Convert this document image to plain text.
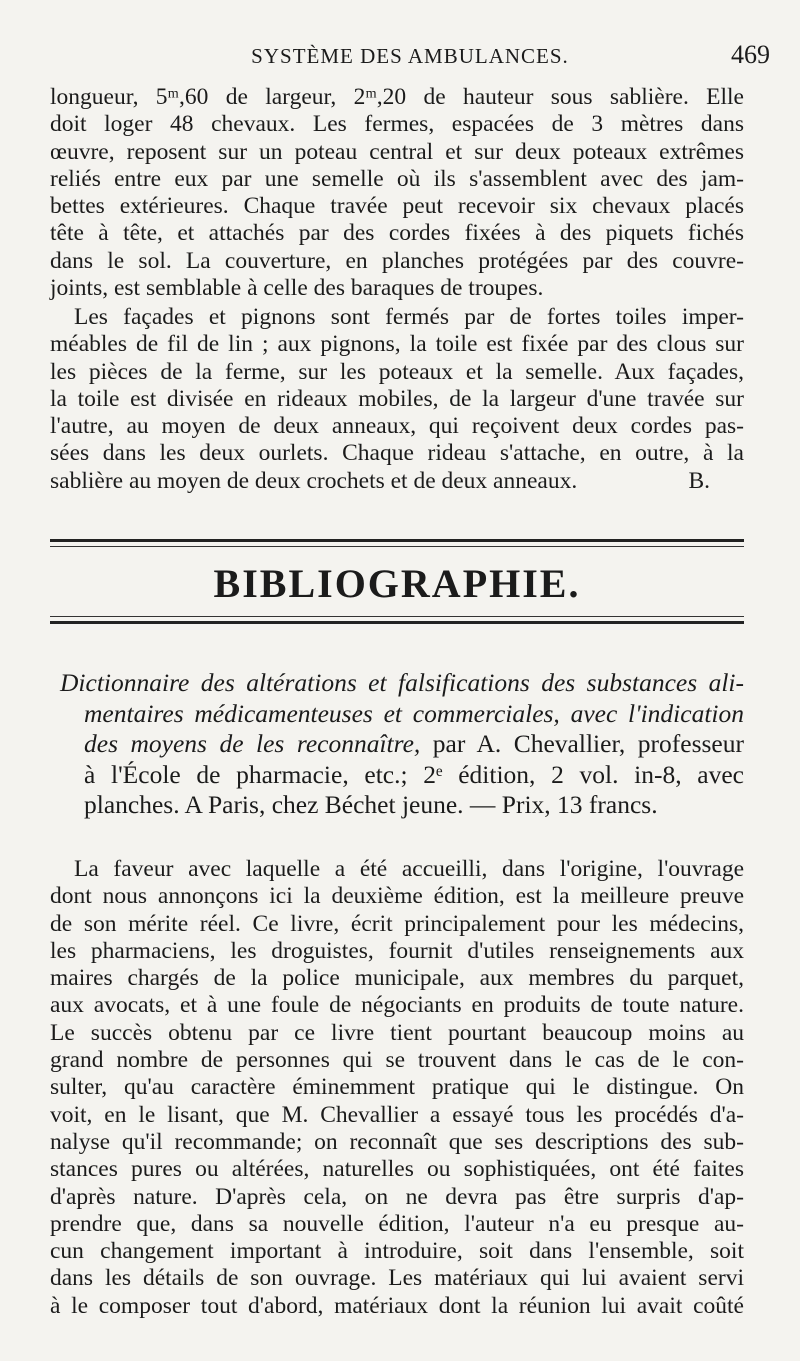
SYSTÈME DES AMBULANCES.	469
longueur, 5ᵐ,60 de largeur, 2ᵐ,20 de hauteur sous sablière. Elle
doit loger 48 chevaux. Les fermes, espacées de 3 mètres dans
œuvre, reposent sur un poteau central et sur deux poteaux extrêmes
reliés entre eux par une semelle où ils s'assemblent avec des jam-
bettes extérieures. Chaque travée peut recevoir six chevaux placés
tête à tête, et attachés par des cordes fixées à des piquets fichés
dans le sol. La couverture, en planches protégées par des couvre-
joints, est semblable à celle des baraques de troupes.
Les façades et pignons sont fermés par de fortes toiles imper-
méables de fil de lin ; aux pignons, la toile est fixée par des clous sur
les pièces de la ferme, sur les poteaux et la semelle. Aux façades,
la toile est divisée en rideaux mobiles, de la largeur d'une travée sur
l'autre, au moyen de deux anneaux, qui reçoivent deux cordes pas-
sées dans les deux ourlets. Chaque rideau s'attache, en outre, à la
sablière au moyen de deux crochets et de deux anneaux.	B.
BIBLIOGRAPHIE.
Dictionnaire des altérations et falsifications des substances ali-
mentaires médicamenteuses et commerciales, avec l'indication
des moyens de les reconnaître, par A. Chevallier, professeur
à l'École de pharmacie, etc.; 2ᵉ édition, 2 vol. in-8, avec
planches. A Paris, chez Béchet jeune. — Prix, 13 francs.
La faveur avec laquelle a été accueilli, dans l'origine, l'ouvrage
dont nous annonçons ici la deuxième édition, est la meilleure preuve
de son mérite réel. Ce livre, écrit principalement pour les médecins,
les pharmaciens, les droguistes, fournit d'utiles renseignements aux
maires chargés de la police municipale, aux membres du parquet,
aux avocats, et à une foule de négociants en produits de toute nature.
Le succès obtenu par ce livre tient pourtant beaucoup moins au
grand nombre de personnes qui se trouvent dans le cas de le con-
sulter, qu'au caractère éminemment pratique qui le distingue. On
voit, en le lisant, que M. Chevallier a essayé tous les procédés d'a-
nalyse qu'il recommande; on reconnaît que ses descriptions des sub-
stances pures ou altérées, naturelles ou sophistiquées, ont été faites
d'après nature. D'après cela, on ne devra pas être surpris d'ap-
prendre que, dans sa nouvelle édition, l'auteur n'a eu presque au-
cun changement important à introduire, soit dans l'ensemble, soit
dans les détails de son ouvrage. Les matériaux qui lui avaient servi
à le composer tout d'abord, matériaux dont la réunion lui avait coûté
